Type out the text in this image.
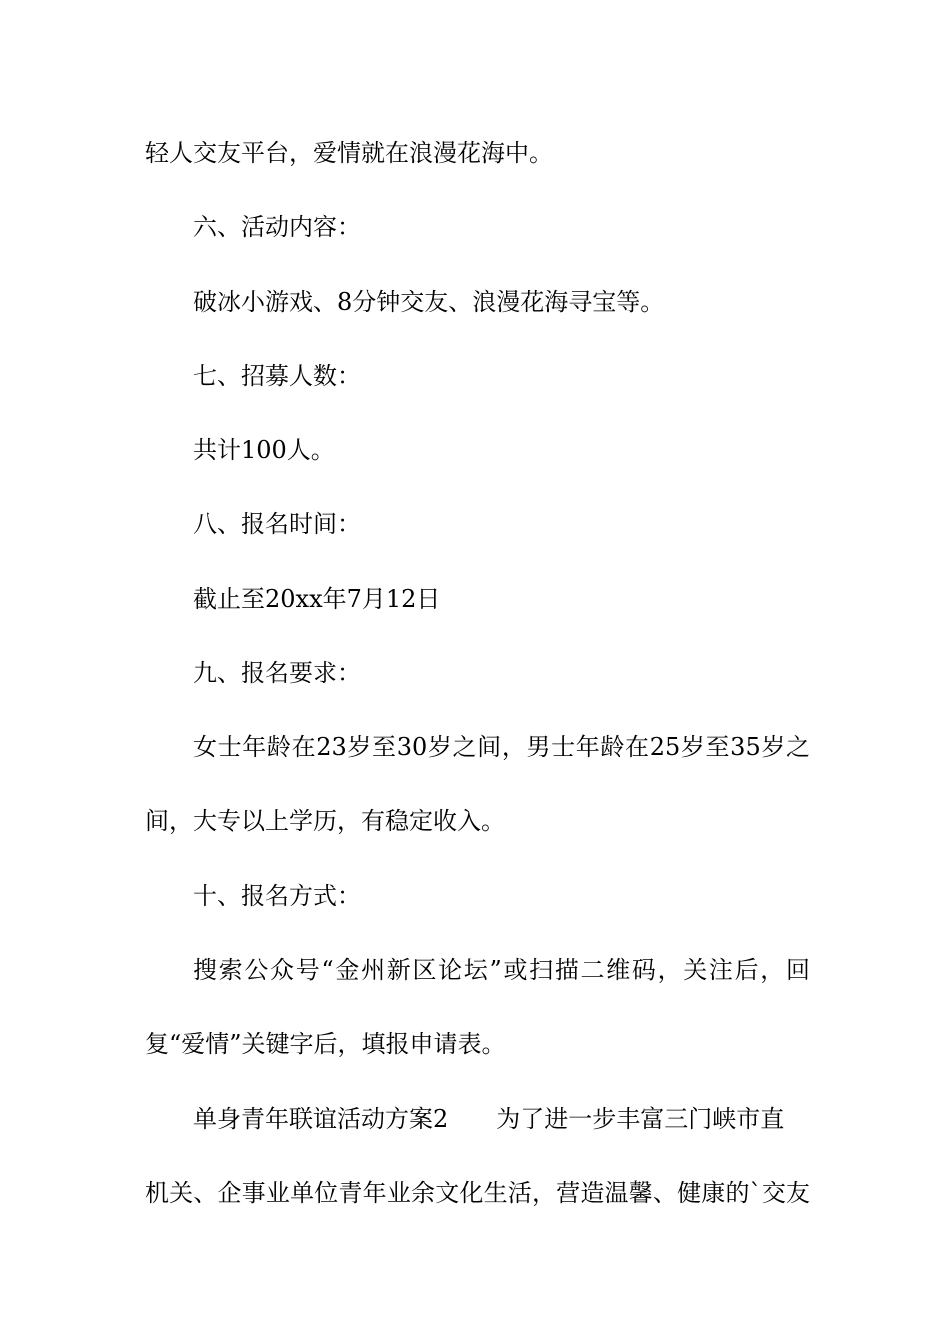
轻人交友平台，爱情就在浪漫花海中。
六、活动内容：
破冰小游戏、8分钟交友、浪漫花海寻宝等。
七、招募人数：
共计100人。
八、报名时间：
截止至20xx年7月12日
九、报名要求：
女士年龄在23岁至30岁之间，男士年龄在25岁至35岁之
间，大专以上学历，有稳定收入。
十、报名方式：
搜索公众号“金州新区论坛”或扫描二维码，关注后，回
复“爱情”关键字后，填报申请表。
单身青年联谊活动方案2 为了进一步丰富三门峡市直
机关、企事业单位青年业余文化生活，营造温馨、健康的`交友
